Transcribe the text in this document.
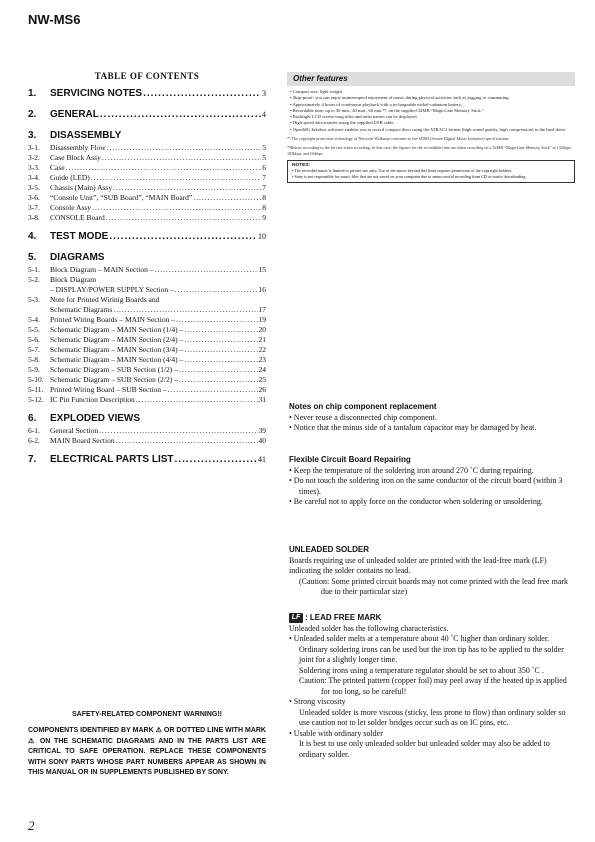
NW-MS6
TABLE OF CONTENTS
1.	SERVICING NOTES .....	3
2.	GENERAL .....	4
3.	DISASSEMBLY
3-1.	Disassembly Flow .....	5
3-2.	Case Block Assy .....	5
3-3.	Case .....	6
3-4.	Guide (LED) .....	7
3-5.	Chassis (Main) Assy .....	7
3-6.	“Console Unit”, “SUB Board”, “MAIN Board” .....	8
3-7.	Console Assy .....	8
3-8.	CONSOLE Board .....	9
4.	TEST MODE .....	10
5.	DIAGRAMS
5-1.	Block Diagram – MAIN Section – .....	15
5-2.	Block Diagram
– DISPLAY/POWER SUPPLY Section – .....	16
5-3.	Note for Printed Wirinig Boards and
Schematic Diagrams .....	17
5-4.	Printed Wiring Boards – MAIN Section – .....	19
5-5.	Schematic Diagram – MAIN Section (1/4) – .....	20
5-6.	Schematic Diagram – MAIN Section (2/4) – .....	21
5-7.	Schematic Diagram – MAIN Section (3/4) – .....	22
5-8.	Schematic Diagram – MAIN Section (4/4) – .....	23
5-9.	Schematic Diagram – SUB Section (1/2) – .....	24
5-10. Schematic Diagram – SUB Section (2/2) – .....	25
5-11. Printed Wiring Board – SUB Section – .....	26
5-12. IC Pin Function Description .....	31
6.	EXPLODED VIEWS
6-1.	General Section .....	39
6-2.	MAIN Board Section .....	40
7.	ELECTRICAL PARTS LIST .....	41
SAFETY-RELATED COMPONENT WARNING!!
COMPONENTS IDENTIFIED BY MARK ⚠ OR DOTTED LINE WITH MARK ⚠ ON THE SCHEMATIC DIAGRAMS AND IN THE PARTS LIST ARE CRITICAL TO SAFE OPERATION. REPLACE THESE COMPONENTS WITH SONY PARTS WHOSE PART NUMBERS APPEAR AS SHOWN IN THIS MANUAL OR IN SUPPLEMENTS PUBLISHED BY SONY.
Other features
• Compact size, light weight
• Skip-proof; you can enjoy uninterrupted enjoyment of music during physical activities such as jogging or commuting.
• Approximately 4 hours of continuous playback with a rechargeable nickel-cadmium battery.
• Recordable time: up to 30 min., 40 min., 60 min.*², on the supplied 32MB “MagicGate Memory Stick.”
• Backlight LCD screen song titles and artist names can be displayed.
• High-speed data transfer using the supplied USB cable.
• OpenMG Jukebox software enables you to record compact discs using the ATRAC3 format (high sound quality, high compression) to the hard drive.
*¹ The copyright-protection technology of Network Walkman conforms to the SDMI (Secure Digital Music Initiative) specifications.
*²Before according to the bit rate when recording. In this case, the figures for the recordable time are when recording on a 32MB “MagicGate Memory Stick” at 132kbps, 105kbps, and 66kbps.
NOTES:
• The recorded music is limited to private use only. Use of the music beyond this limit requires permission of the copyright holders.
• Sony is not responsible for music files that are not saved on your computer due to unsuccessful recording from CD or music downloading.
Notes on chip component replacement
• Never reuse a disconnected chip component.
• Notice that the minus side of a tantalum capacitor may be damaged by heat.
Flexible Circuit Board Repairing
• Keep the temperature of the soldering iron around 270 ˚C during repairing.
• Do not touch the soldering iron on the same conductor of the circuit board (within 3 times).
• Be careful not to apply force on the conductor when soldering or unsoldering.
UNLEADED SOLDER
Boards requiring use of unleaded solder are printed with the lead-free mark (LF) indicating the solder contains no lead.
(Caution: Some printed circuit boards may not come printed with the lead free mark due to their particular size)
LF : LEAD FREE MARK
Unleaded solder has the following characteristics.
• Unleaded solder melts at a temperature about 40 ˚C higher than ordinary solder.
Ordinary soldering irons can be used but the iron tip has to be applied to the solder joint for a slightly longer time.
Soldering irons using a temperature regulator should be set to about 350 ˚C .
Caution: The printed pattern (copper foil) may peel away if the heated tip is applied for too long, so be careful!
• Strong viscosity
Unleaded solder is more viscous (sticky, less prone to flow) than ordinary solder so use caution not to let solder bridges occur such as on IC pins, etc.
• Usable with ordinary solder
It is best to use only unleaded solder but unleaded solder may also be added to ordinary solder.
2
